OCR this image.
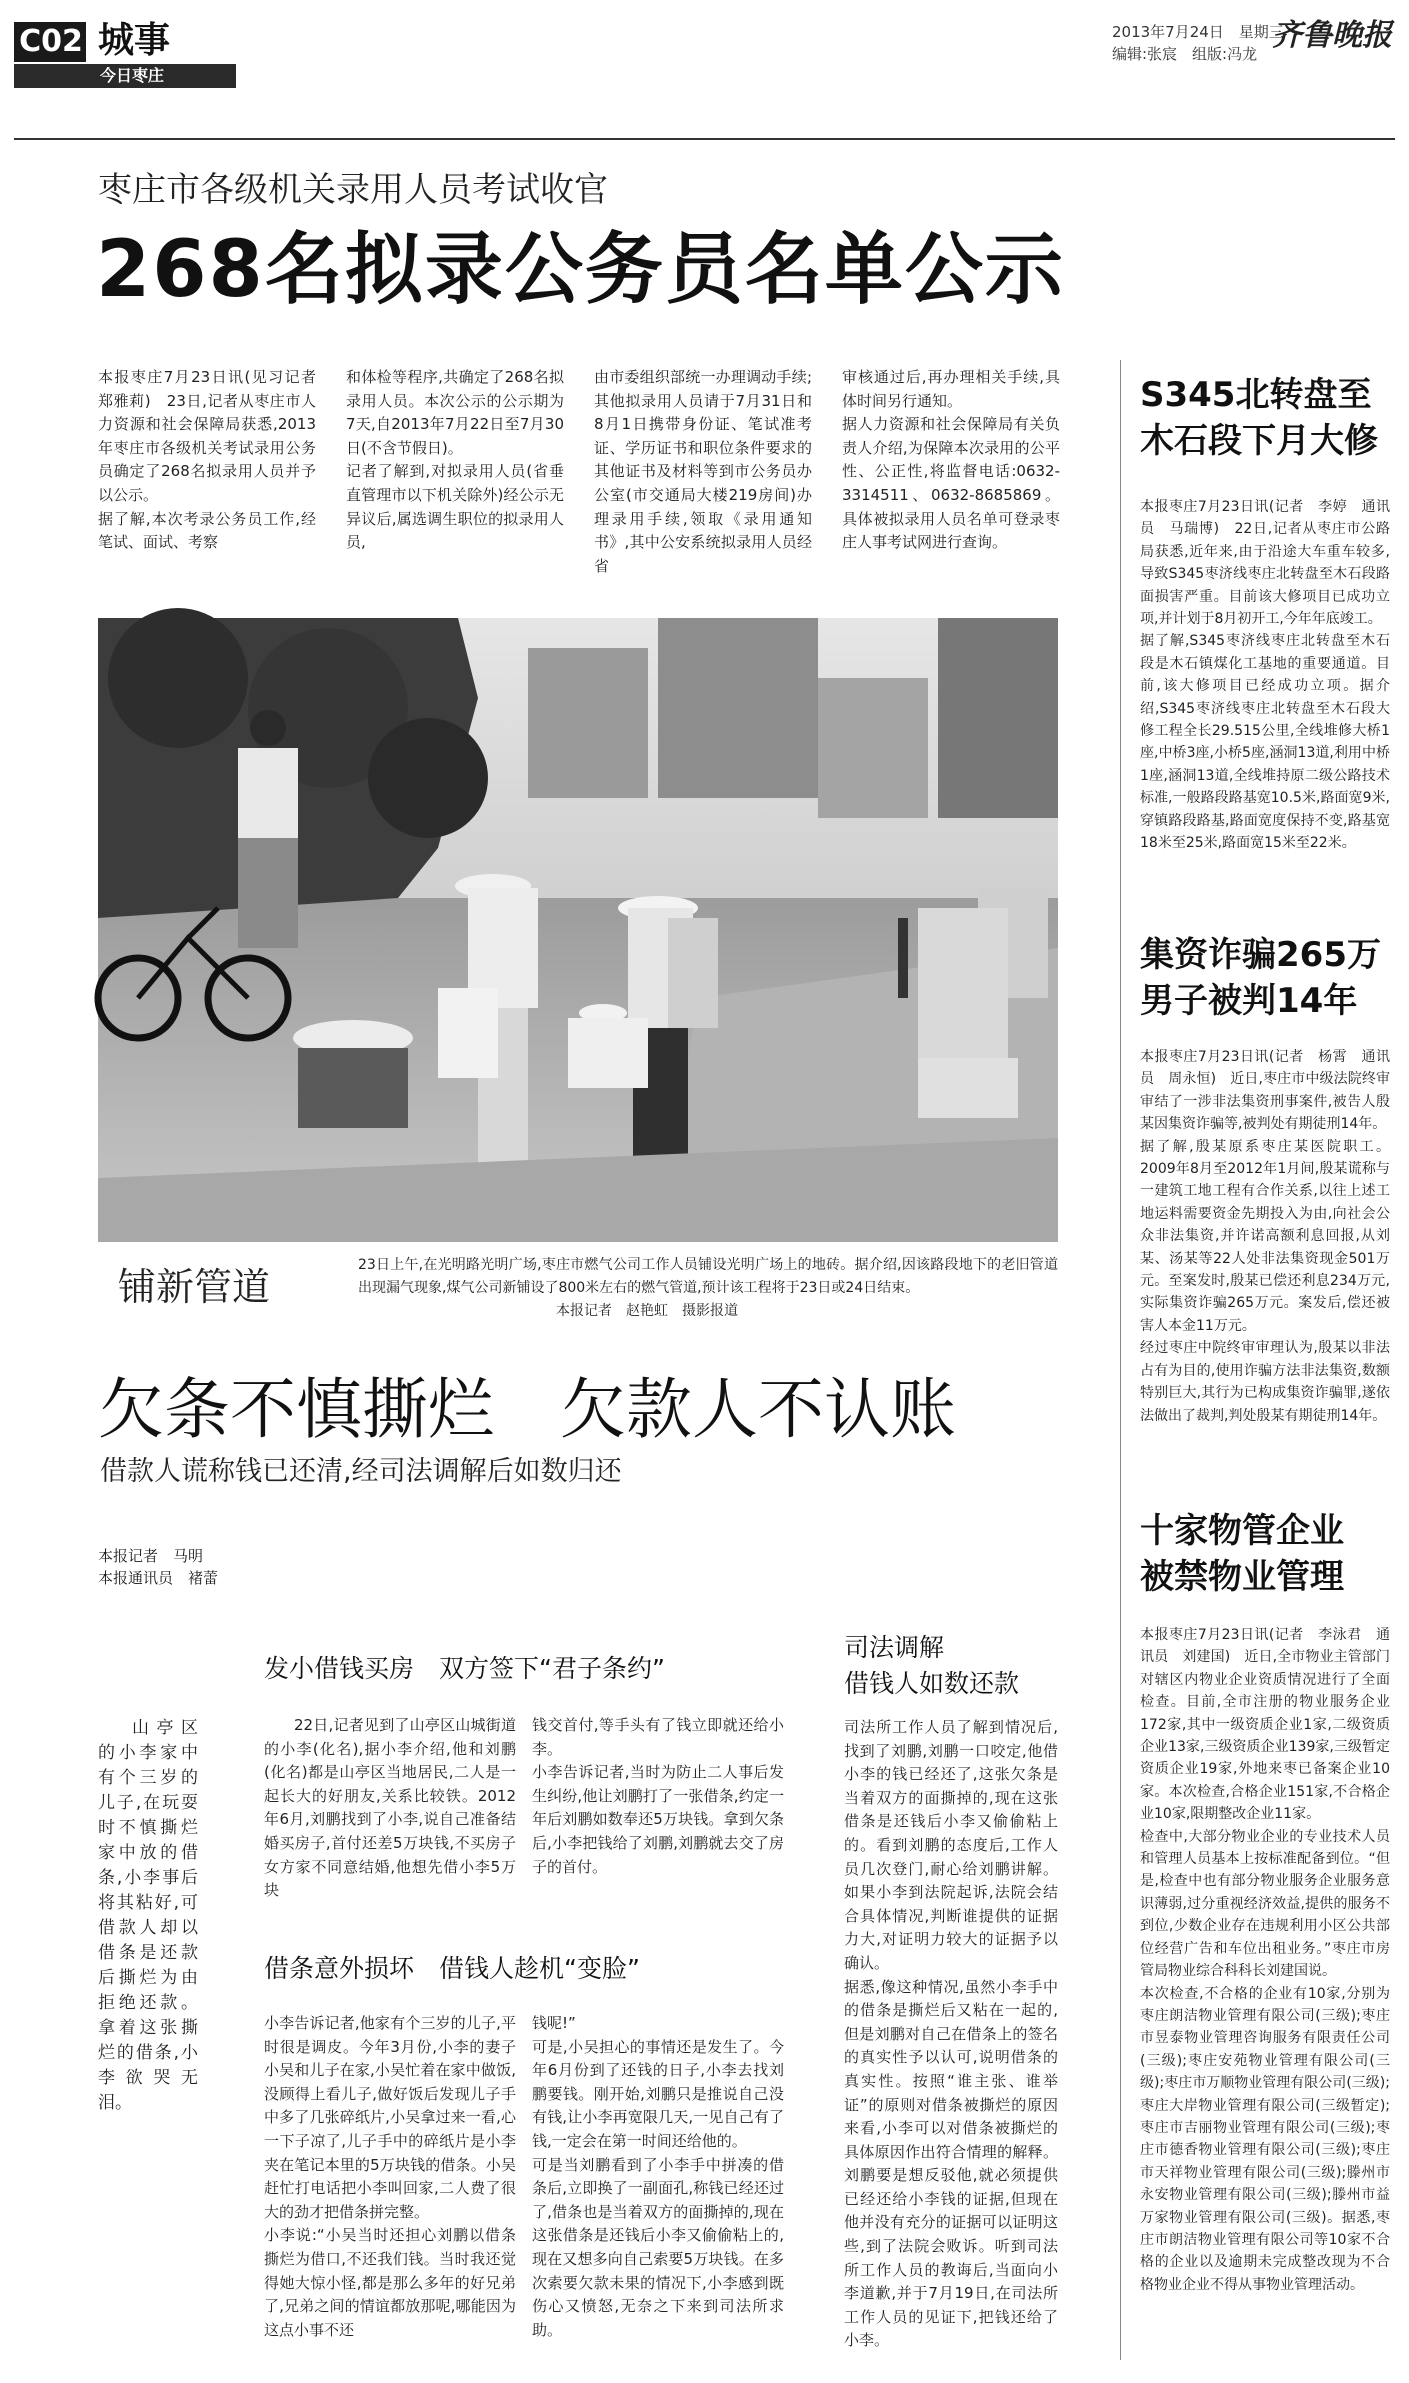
C02 城事
今日枣庄
2013年7月24日　星期三
编辑:张宸　组版:冯龙
齐鲁晚报
枣庄市各级机关录用人员考试收官
268名拟录公务员名单公示
本报枣庄7月23日讯(见习记者　郑雅莉)　23日,记者从枣庄市人力资源和社会保障局获悉,2013年枣庄市各级机关考试录用公务员确定了268名拟录用人员并予以公示。
据了解,本次考录公务员工作,经笔试、面试、考察
和体检等程序,共确定了268名拟录用人员。本次公示的公示期为7天,自2013年7月22日至7月30日(不含节假日)。
记者了解到,对拟录用人员(省垂直管理市以下机关除外)经公示无异议后,属选调生职位的拟录用人员,
由市委组织部统一办理调动手续;其他拟录用人员请于7月31日和8月1日携带身份证、笔试准考证、学历证书和职位条件要求的其他证书及材料等到市公务员办公室(市交通局大楼219房间)办理录用手续,领取《录用通知书》,其中公安系统拟录用人员经省
审核通过后,再办理相关手续,具体时间另行通知。
据人力资源和社会保障局有关负责人介绍,为保障本次录用的公平性、公正性,将监督电话:0632-3314511、0632-8685869。具体被拟录用人员名单可登录枣庄人事考试网进行查询。
铺新管道	23日上午,在光明路光明广场,枣庄市燃气公司工作人员铺设光明广场上的地砖。据介绍,因该路段地下的老旧管道出现漏气现象,煤气公司新铺设了800米左右的燃气管道,预计该工程将于23日或24日结束。
本报记者　赵艳虹　摄影报道
欠条不慎撕烂　欠款人不认账
借款人谎称钱已还清,经司法调解后如数归还
本报记者　马明
本报通讯员　褚蕾
山亭区的小李家中有个三岁的儿子,在玩耍时不慎撕烂家中放的借条,小李事后将其粘好,可借款人却以借条是还款后撕烂为由拒绝还款。拿着这张撕烂的借条,小李欲哭无泪。
发小借钱买房　双方签下“君子条约”
22日,记者见到了山亭区山城街道的小李(化名),据小李介绍,他和刘鹏(化名)都是山亭区当地居民,二人是一起长大的好朋友,关系比较铁。2012年6月,刘鹏找到了小李,说自己准备结婚买房子,首付还差5万块钱,不买房子女方家不同意结婚,他想先借小李5万块
钱交首付,等手头有了钱立即就还给小李。
小李告诉记者,当时为防止二人事后发生纠纷,他让刘鹏打了一张借条,约定一年后刘鹏如数奉还5万块钱。拿到欠条后,小李把钱给了刘鹏,刘鹏就去交了房子的首付。
借条意外损坏　借钱人趁机“变脸”
小李告诉记者,他家有个三岁的儿子,平时很是调皮。今年3月份,小李的妻子小吴和儿子在家,小吴忙着在家中做饭,没顾得上看儿子,做好饭后发现儿子手中多了几张碎纸片,小吴拿过来一看,心一下子凉了,儿子手中的碎纸片是小李夹在笔记本里的5万块钱的借条。小吴赶忙打电话把小李叫回家,二人费了很大的劲才把借条拼完整。
小李说:“小吴当时还担心刘鹏以借条撕烂为借口,不还我们钱。当时我还觉得她大惊小怪,都是那么多年的好兄弟了,兄弟之间的情谊都放那呢,哪能因为这点小事不还
钱呢!”
可是,小吴担心的事情还是发生了。今年6月份到了还钱的日子,小李去找刘鹏要钱。刚开始,刘鹏只是推说自己没有钱,让小李再宽限几天,一见自己有了钱,一定会在第一时间还给他的。
可是当刘鹏看到了小李手中拼凑的借条后,立即换了一副面孔,称钱已经还过了,借条也是当着双方的面撕掉的,现在这张借条是还钱后小李又偷偷粘上的,现在又想多向自己索要5万块钱。在多次索要欠款未果的情况下,小李感到既伤心又愤怒,无奈之下来到司法所求助。
司法调解
借钱人如数还款
司法所工作人员了解到情况后,找到了刘鹏,刘鹏一口咬定,他借小李的钱已经还了,这张欠条是当着双方的面撕掉的,现在这张借条是还钱后小李又偷偷粘上的。看到刘鹏的态度后,工作人员几次登门,耐心给刘鹏讲解。如果小李到法院起诉,法院会结合具体情况,判断谁提供的证据力大,对证明力较大的证据予以确认。
据悉,像这种情况,虽然小李手中的借条是撕烂后又粘在一起的,但是刘鹏对自己在借条上的签名的真实性予以认可,说明借条的真实性。按照“谁主张、谁举证”的原则对借条被撕烂的原因来看,小李可以对借条被撕烂的具体原因作出符合情理的解释。刘鹏要是想反驳他,就必须提供已经还给小李钱的证据,但现在他并没有充分的证据可以证明这些,到了法院会败诉。听到司法所工作人员的教诲后,当面向小李道歉,并于7月19日,在司法所工作人员的见证下,把钱还给了小李。
S345北转盘至
木石段下月大修
本报枣庄7月23日讯(记者　李婷　通讯员　马瑞博)　22日,记者从枣庄市公路局获悉,近年来,由于沿途大车重车较多,导致S345枣济线枣庄北转盘至木石段路面损害严重。目前该大修项目已成功立项,并计划于8月初开工,今年年底竣工。
据了解,S345枣济线枣庄北转盘至木石段是木石镇煤化工基地的重要通道。目前,该大修项目已经成功立项。据介绍,S345枣济线枣庄北转盘至木石段大修工程全长29.515公里,全线堆修大桥1座,中桥3座,小桥5座,涵洞13道,利用中桥1座,涵洞13道,全线堆持原二级公路技术标准,一般路段路基宽10.5米,路面宽9米,穿镇路段路基,路面宽度保持不变,路基宽18米至25米,路面宽15米至22米。
集资诈骗265万
男子被判14年
本报枣庄7月23日讯(记者　杨霄　通讯员　周永恒)　近日,枣庄市中级法院终审审结了一涉非法集资刑事案件,被告人殷某因集资诈骗等,被判处有期徒刑14年。
据了解,殷某原系枣庄某医院职工。2009年8月至2012年1月间,殷某谎称与一建筑工地工程有合作关系,以往上述工地运料需要资金先期投入为由,向社会公众非法集资,并许诺高额利息回报,从刘某、汤某等22人处非法集资现金501万元。至案发时,殷某已偿还利息234万元,实际集资诈骗265万元。案发后,偿还被害人本金11万元。
经过枣庄中院终审审理认为,殷某以非法占有为目的,使用诈骗方法非法集资,数额特别巨大,其行为已构成集资诈骗罪,遂依法做出了裁判,判处殷某有期徒刑14年。
十家物管企业
被禁物业管理
本报枣庄7月23日讯(记者　李泳君　通讯员　刘建国)　近日,全市物业主管部门对辖区内物业企业资质情况进行了全面检查。目前,全市注册的物业服务企业172家,其中一级资质企业1家,二级资质企业13家,三级资质企业139家,三级暂定资质企业19家,外地来枣已备案企业10家。本次检查,合格企业151家,不合格企业10家,限期整改企业11家。
检查中,大部分物业企业的专业技术人员和管理人员基本上按标准配备到位。“但是,检查中也有部分物业服务企业服务意识薄弱,过分重视经济效益,提供的服务不到位,少数企业存在违规利用小区公共部位经营广告和车位出租业务。”枣庄市房管局物业综合科科长刘建国说。
本次检查,不合格的企业有10家,分别为枣庄朗洁物业管理有限公司(三级);枣庄市昱泰物业管理咨询服务有限责任公司(三级);枣庄安苑物业管理有限公司(三级);枣庄市万顺物业管理有限公司(三级);枣庄大岸物业管理有限公司(三级暂定);枣庄市吉丽物业管理有限公司(三级);枣庄市德香物业管理有限公司(三级);枣庄市天祥物业管理有限公司(三级);滕州市永安物业管理有限公司(三级);滕州市益万家物业管理有限公司(三级)。据悉,枣庄市朗洁物业管理有限公司等10家不合格的企业以及逾期未完成整改现为不合格物业企业不得从事物业管理活动。
